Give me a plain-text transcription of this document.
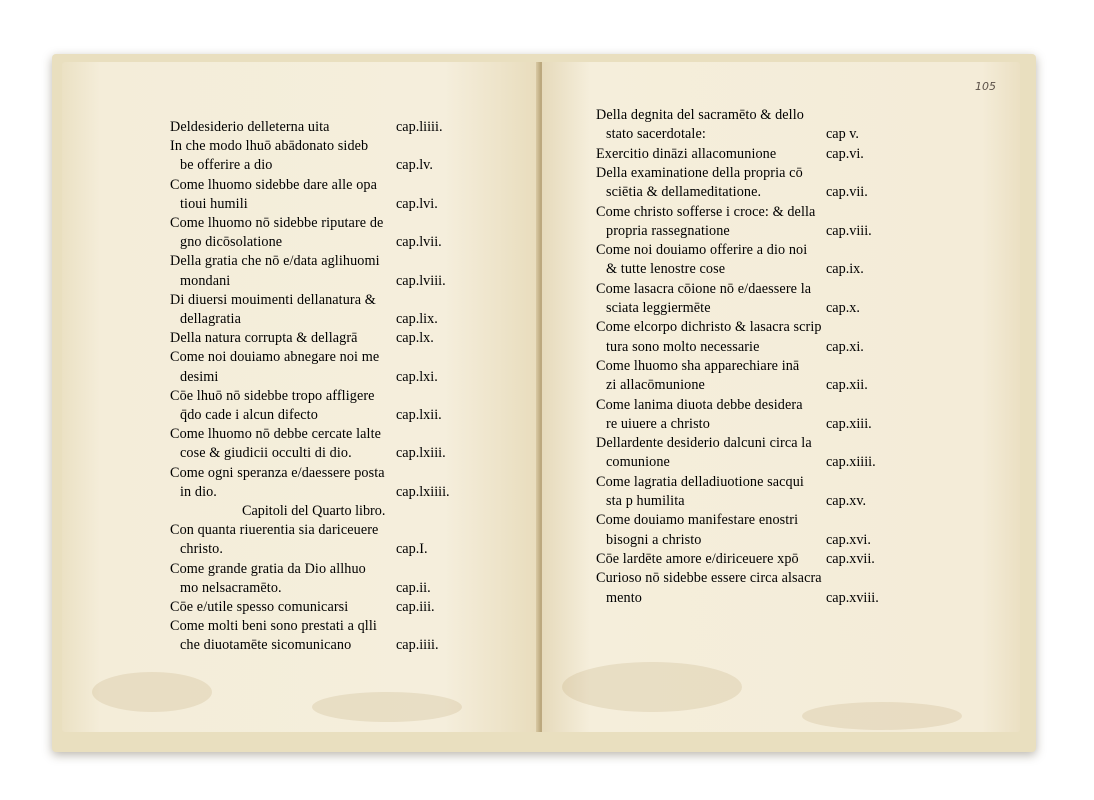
105
Deldesiderio delleterna uita	cap.liiii.
In che modo lhuō abādonato sideb
be offerire a dio	cap.lv.
Come lhuomo sidebbe dare alle opa
tioui humili	cap.lvi.
Come lhuomo nō sidebbe riputare de
gno dicōsolatione	cap.lvii.
Della gratia che nō e/data aglihuomi
mondani	cap.lviii.
Di diuersi mouimenti dellanatura &
dellagratia	cap.lix.
Della natura corrupta & dellagrā	cap.lx.
Come noi douiamo abnegare noi me
desimi	cap.lxi.
Cōe lhuō nō sidebbe tropo affligere
q̄do cade i alcun difecto	cap.lxii.
Come lhuomo nō debbe cercate lalte
cose & giudicii occulti di dio.	cap.lxiii.
Come ogni speranza e/daessere posta
in dio.	cap.lxiiii.
Capitoli del Quarto libro.
Con quanta riuerentia sia dariceuere
christo.	cap.I.
Come grande gratia da Dio allhuo
mo nelsacramēto.	cap.ii.
Cōe e/utile spesso comunicarsi	cap.iii.
Come molti beni sono prestati a qlli
che diuotamēte sicomunicano	cap.iiii.
Della degnita del sacramēto & dello
stato sacerdotale:	cap v.
Exercitio dināzi allacomunione	cap.vi.
Della examinatione della propria cō
sciētia & dellameditatione.	cap.vii.
Come christo sofferse i croce: & della
propria rassegnatione	cap.viii.
Come noi douiamo offerire a dio noi
& tutte lenostre cose	cap.ix.
Come lasacra cōione nō e/daessere la
sciata leggiermēte	cap.x.
Come elcorpo dichristo & lasacra scrip
tura sono molto necessarie	cap.xi.
Come lhuomo sha apparechiare inā
zi allacōmunione	cap.xii.
Come lanima diuota debbe desidera
re uiuere a christo	cap.xiii.
Dellardente desiderio dalcuni circa la
comunione	cap.xiiii.
Come lagratia delladiuotione sacqui
sta p humilita	cap.xv.
Come douiamo manifestare enostri
bisogni a christo	cap.xvi.
Cōe lardēte amore e/diriceuere xpō cap.xvii.
Curioso nō sidebbe essere circa alsacra
mento	cap.xviii.
